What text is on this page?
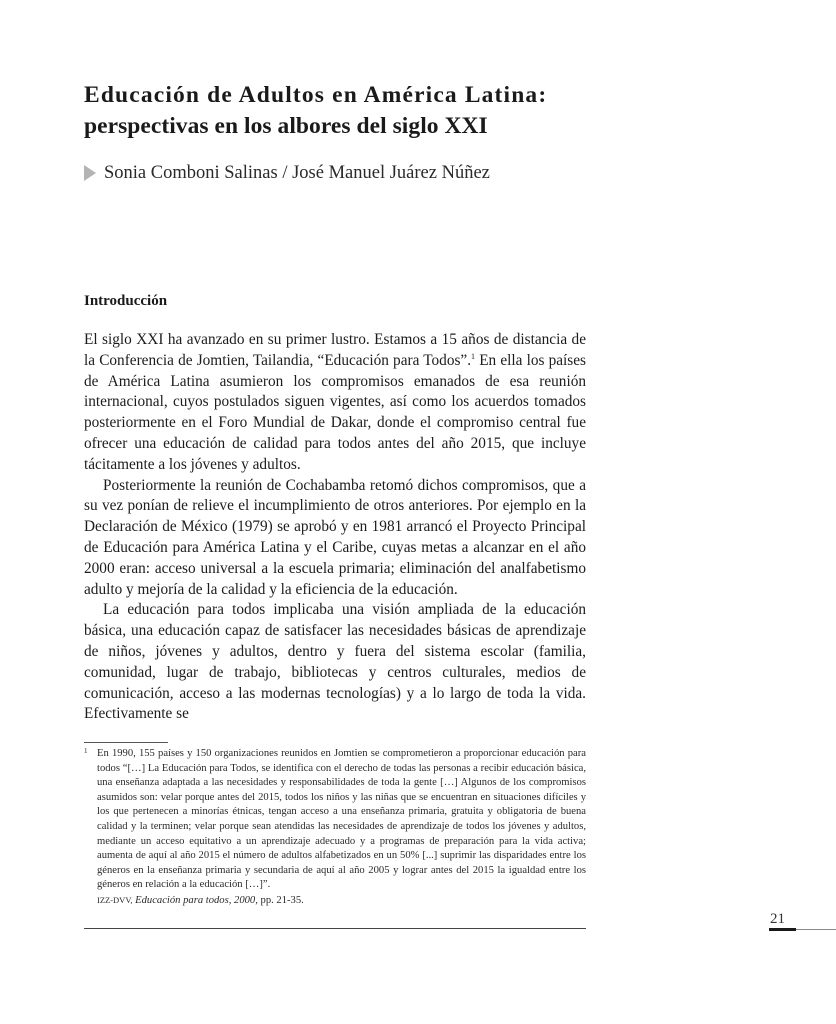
Educación de Adultos en América Latina:
perspectivas en los albores del siglo XXI
Sonia Comboni Salinas / José Manuel Juárez Núñez
Introducción

El siglo XXI ha avanzado en su primer lustro. Estamos a 15 años de distancia de la Conferencia de Jomtien, Tailandia, “Educación para Todos”.$^1$ En ella los países de América Latina asumieron los compromisos emanados de esa reunión internacional, cuyos postulados siguen vigentes, así como los acuerdos tomados posteriormente en el Foro Mundial de Dakar, donde el compromiso central fue ofrecer una educación de calidad para todos antes del año 2015, que incluye tácitamente a los jóvenes y adultos.

Posteriormente la reunión de Cochabamba retomó dichos compromisos, que a su vez ponían de relieve el incumplimiento de otros anteriores. Por ejemplo en la Declaración de México (1979) se aprobó y en 1981 arrancó el Proyecto Principal de Educación para América Latina y el Caribe, cuyas metas a alcanzar en el año 2000 eran: acceso universal a la escuela primaria; eliminación del analfabetismo adulto y mejoría de la calidad y la eficiencia de la educación.

La educación para todos implicaba una visión ampliada de la educación básica, una educación capaz de satisfacer las necesidades básicas de aprendizaje de niños, jóvenes y adultos, dentro y fuera del sistema escolar (familia, comunidad, lugar de trabajo, bibliotecas y centros culturales, medios de comunicación, acceso a las modernas tecnologías) y a lo largo de toda la vida. Efectivamente se

1 En 1990, 155 países y 150 organizaciones reunidos en Jomtien se comprometieron a proporcionar educación para todos “[…] La Educación para Todos, se identifica con el derecho de todas las personas a recibir educación básica, una enseñanza adaptada a las necesidades y responsabilidades de toda la gente […] Algunos de los compromisos asumidos son: velar porque antes del 2015, todos los niños y las niñas que se encuentran en situaciones difíciles y los que pertenecen a minorías étnicas, tengan acceso a una enseñanza primaria, gratuita y obligatoria de buena calidad y la terminen; velar porque sean atendidas las necesidades de aprendizaje de todos los jóvenes y adultos, mediante un acceso equitativo a un aprendizaje adecuado y a programas de preparación para la vida activa; aumenta de aquí al año 2015 el número de adultos alfabetizados en un 50% [...] suprimir las disparidades entre los géneros en la enseñanza primaria y secundaria de aquí al año 2005 y lograr antes del 2015 la igualdad entre los géneros en relación a la educación […]”.
IZZ-DVV, Educación para todos, 2000, pp. 21-35.
21
